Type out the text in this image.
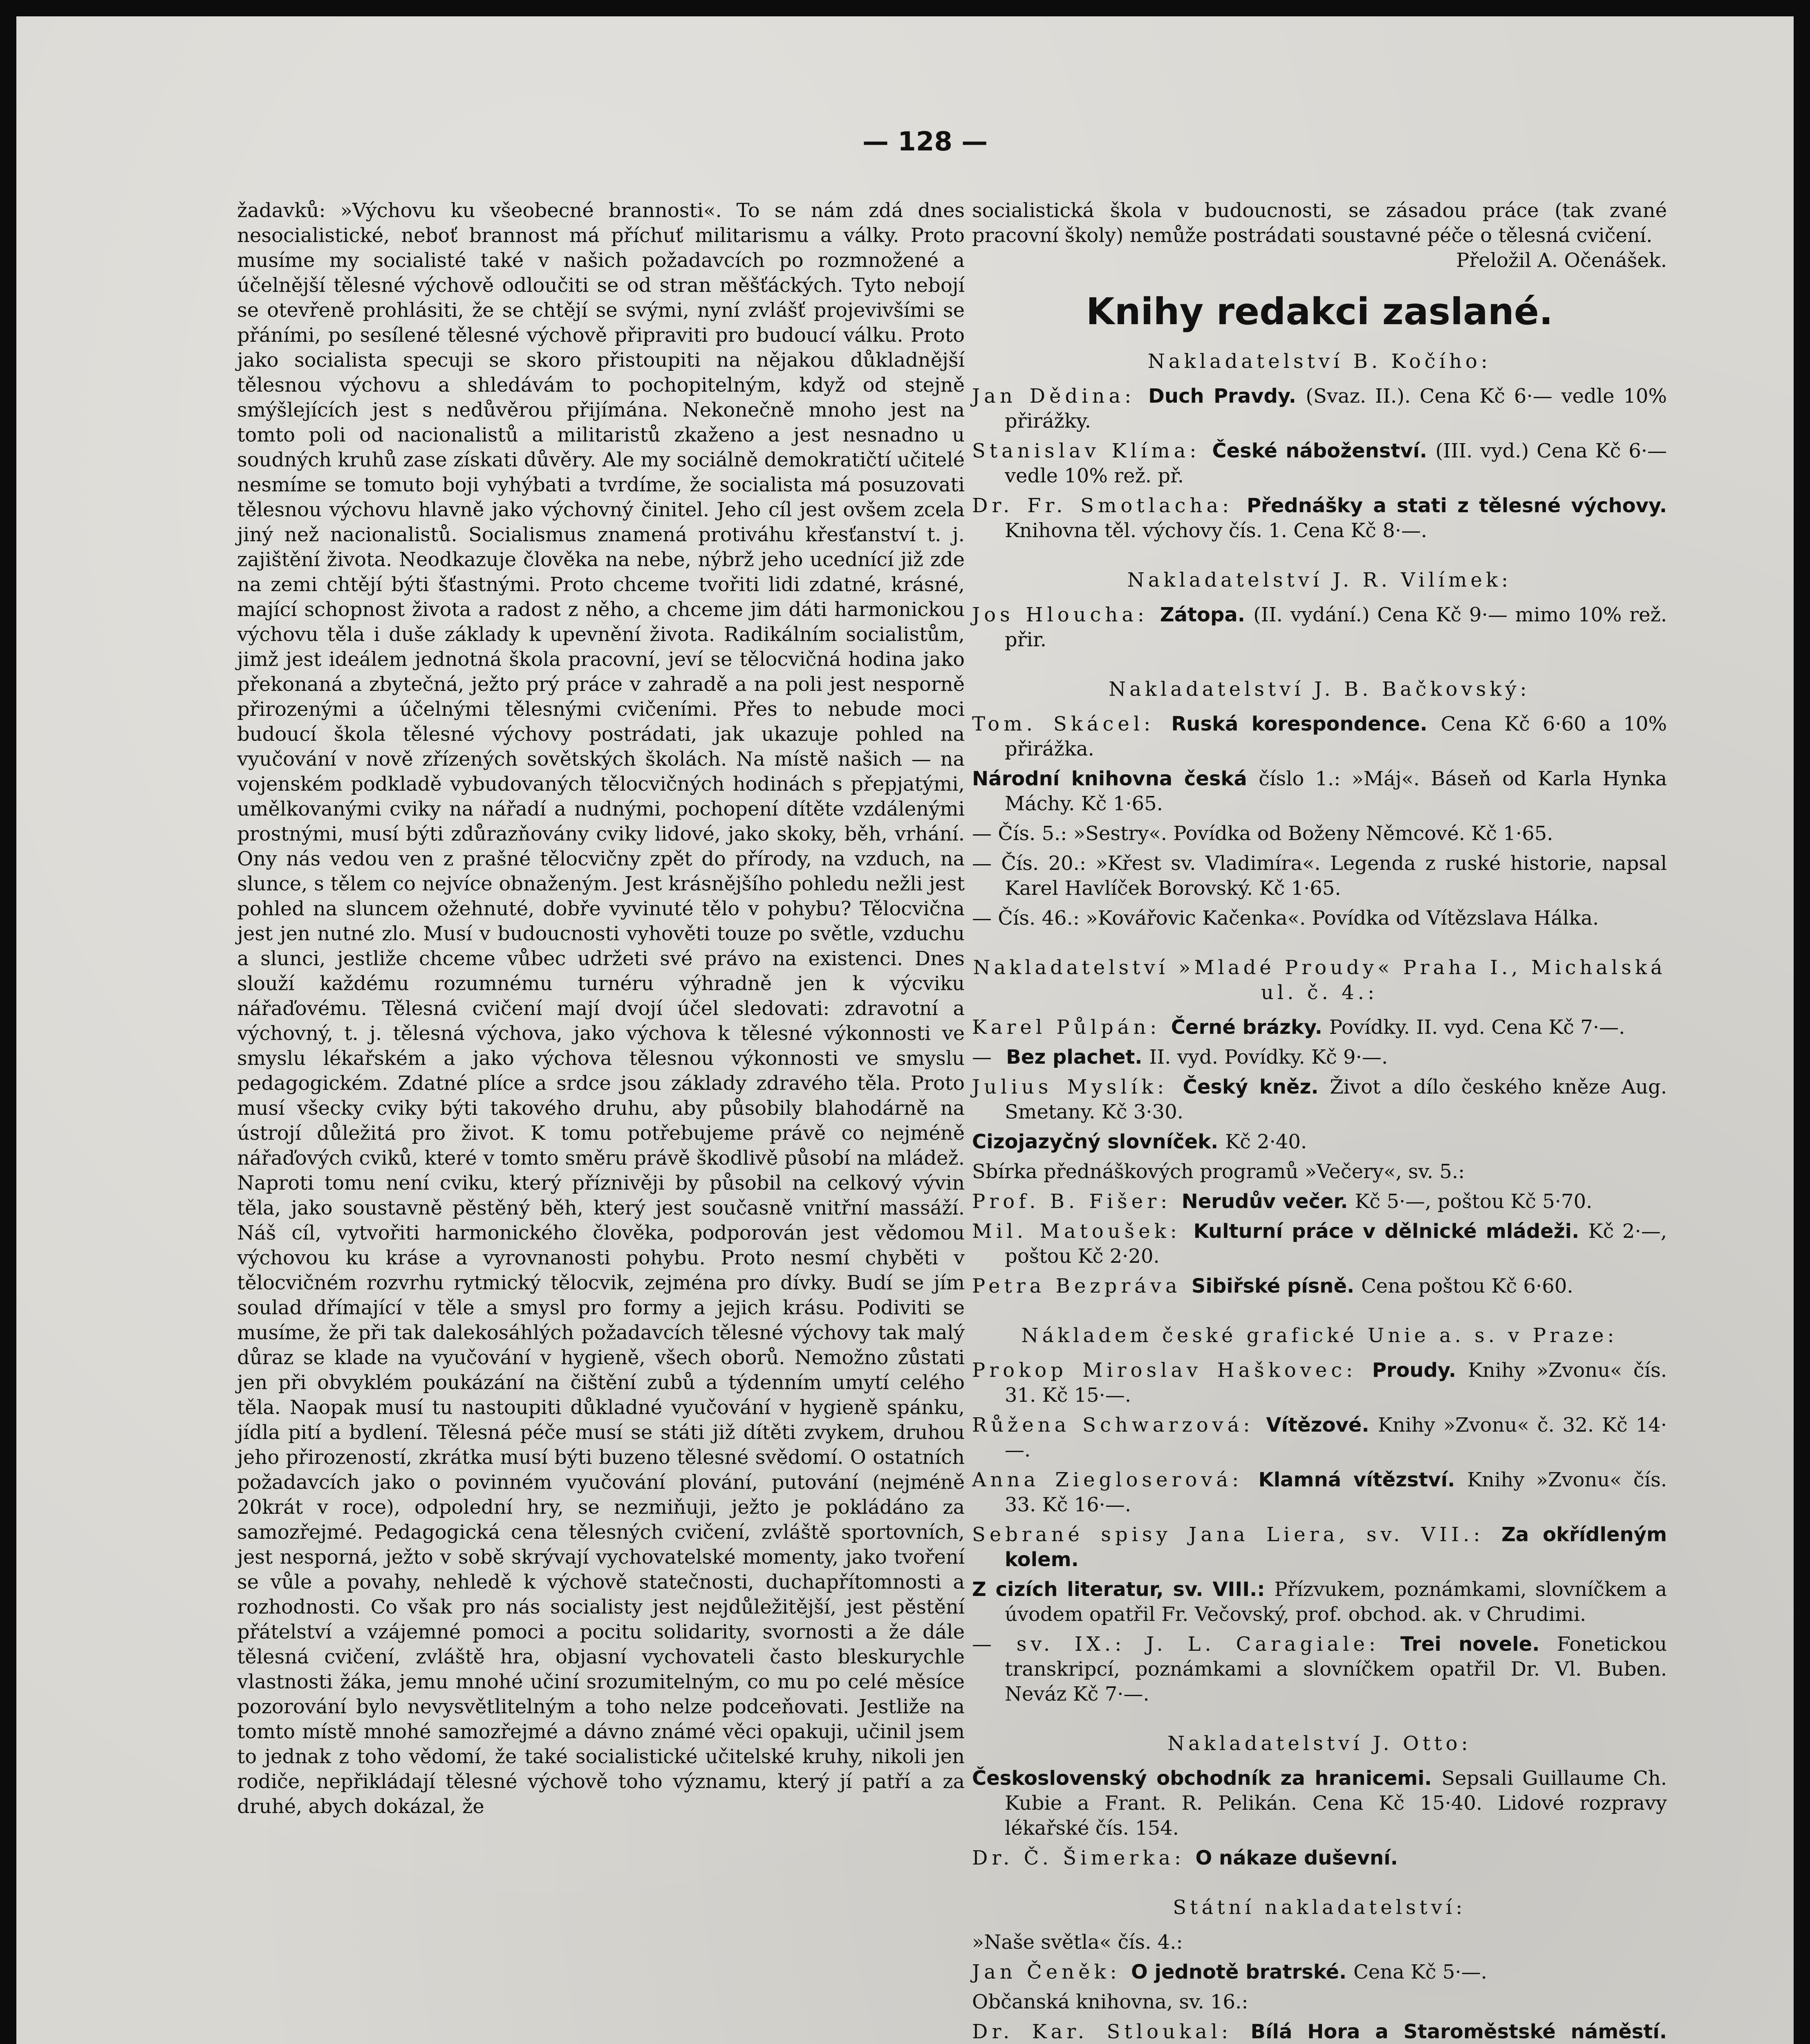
— 128 —

žadavků: »Výchovu ku všeobecné brannosti«. To se nám zdá dnes nesocialistické, neboť brannost má příchuť militarismu a války. Proto musíme my socialisté také v našich požadavcích po rozmnožené a účelnější tělesné výchově odloučiti se od stran měšťáckých. Tyto nebojí se otevřeně prohlásiti, že se chtějí se svými, nyní zvlášť projevivšími se přáními, po sesílené tělesné výchově připraviti pro budoucí válku. Proto jako socialista specuji se skoro přistoupiti na nějakou důkladnější tělesnou výchovu a shledávám to pochopitelným, když od stejně smýšlejících jest s nedůvěrou přijímána. Nekonečně mnoho jest na tomto poli od nacionalistů a militaristů zkaženo a jest nesnadno u soudných kruhů zase získati důvěry. Ale my sociálně demokratičtí učitelé nesmíme se tomuto boji vyhýbati a tvrdíme, že socialista má posuzovati tělesnou výchovu hlavně jako výchovný činitel. Jeho cíl jest ovšem zcela jiný než nacionalistů. Socialismus znamená protiváhu křesťanství t. j. zajištění života. Neodkazuje člověka na nebe, nýbrž jeho ucednící již zde na zemi chtějí býti šťastnými. Proto chceme tvořiti lidi zdatné, krásné, mající schopnost života a radost z něho, a chceme jim dáti harmonickou výchovu těla i duše základy k upevnění života. Radikálním socialistům, jimž jest ideálem jednotná škola pracovní, jeví se tělocvičná hodina jako překonaná a zbytečná, ježto prý práce v zahradě a na poli jest nesporně přirozenými a účelnými tělesnými cvičeními. Přes to nebude moci budoucí škola tělesné výchovy postrádati, jak ukazuje pohled na vyučování v nově zřízených sovětských školách. Na místě našich — na vojenském podkladě vybudovaných tělocvičných hodinách s přepjatými, umělkovanými cviky na nářadí a nudnými, pochopení dítěte vzdálenými prostnými, musí býti zdůrazňovány cviky lidové, jako skoky, běh, vrhání. Ony nás vedou ven z prašné tělocvičny zpět do přírody, na vzduch, na slunce, s tělem co nejvíce obnaženým. Jest krásnějšího pohledu nežli jest pohled na sluncem ožehnuté, dobře vyvinuté tělo v pohybu? Tělocvična jest jen nutné zlo. Musí v budoucnosti vyhověti touze po světle, vzduchu a slunci, jestliže chceme vůbec udržeti své právo na existenci. Dnes slouží každému rozumnému turnéru výhradně jen k výcviku nářaďovému. Tělesná cvičení mají dvojí účel sledovati: zdravotní a výchovný, t. j. tělesná výchova, jako výchova k tělesné výkonnosti ve smyslu lékařském a jako výchova tělesnou výkonnosti ve smyslu pedagogickém. Zdatné plíce a srdce jsou základy zdravého těla. Proto musí všecky cviky býti takového druhu, aby působily blahodárně na ústrojí důležitá pro život. K tomu potřebujeme právě co nejméně nářaďových cviků, které v tomto směru právě škodlivě působí na mládež. Naproti tomu není cviku, který příznivěji by působil na celkový vývin těla, jako soustavně pěstěný běh, který jest současně vnitřní massáží. Náš cíl, vytvořiti harmonického člověka, podporován jest vědomou výchovou ku kráse a vyrovnanosti pohybu. Proto nesmí chyběti v tělocvičném rozvrhu rytmický tělocvik, zejména pro dívky. Budí se jím soulad dřímající v těle a smysl pro formy a jejich krásu. Podiviti se musíme, že při tak dalekosáhlých požadavcích tělesné výchovy tak malý důraz se klade na vyučování v hygieně, všech oborů. Nemožno zůstati jen při obvyklém poukázání na čištění zubů a týdenním umytí celého těla. Naopak musí tu nastoupiti důkladné vyučování v hygieně spánku, jídla pití a bydlení. Tělesná péče musí se státi již dítěti zvykem, druhou jeho přirozeností, zkrátka musí býti buzeno tělesné svědomí. O ostatních požadavcích jako o povinném vyučování plování, putování (nejméně 20krát v roce), odpolední hry, se nezmiňuji, ježto je pokládáno za samozřejmé. Pedagogická cena tělesných cvičení, zvláště sportovních, jest nesporná, ježto v sobě skrývají vychovatelské momenty, jako tvoření se vůle a povahy, nehledě k výchově statečnosti, duchapřítomnosti a rozhodnosti. Co však pro nás socialisty jest nejdůležitější, jest pěstění přátelství a vzájemné pomoci a pocitu solidarity, svornosti a že dále tělesná cvičení, zvláště hra, objasní vychovateli často bleskurychle vlastnosti žáka, jemu mnohé učiní srozumitelným, co mu po celé měsíce pozorování bylo nevysvětlitelným a toho nelze podceňovati. Jestliže na tomto místě mnohé samozřejmé a dávno známé věci opakuji, učinil jsem to jednak z toho vědomí, že také socialistické učitelské kruhy, nikoli jen rodiče, nepřikládají tělesné výchově toho významu, který jí patří a za druhé, abych dokázal, že

socialistická škola v budoucnosti, se zásadou práce (tak zvané pracovní školy) nemůže postrádati soustavné péče o tělesná cvičení.

Přeložil A. Očenášek.
Knihy redakci zaslané.
Nakladatelství B. Kočího:

Jan Dědina: Duch Pravdy. (Svaz. II.). Cena Kč 6·— vedle 10% přirážky.

Stanislav Klíma: České náboženství. (III. vyd.) Cena Kč 6·— vedle 10% rež. př.

Dr. Fr. Smotlacha: Přednášky a stati z tělesné výchovy. Knihovna těl. výchovy čís. 1. Cena Kč 8·—.

Nakladatelství J. R. Vilímek:

Jos Hloucha: Zátopa. (II. vydání.) Cena Kč 9·— mimo 10% rež. přir.

Nakladatelství J. B. Bačkovský:

Tom. Skácel: Ruská korespondence. Cena Kč 6·60 a 10% přirážka.

Národní knihovna česká číslo 1.: »Máj«. Báseň od Karla Hynka Máchy. Kč 1·65.

— Čís. 5.: »Sestry«. Povídka od Boženy Němcové. Kč 1·65.

— Čís. 20.: »Křest sv. Vladimíra«. Legenda z ruské historie, napsal Karel Havlíček Borovský. Kč 1·65.

— Čís. 46.: »Kovářovic Kačenka«. Povídka od Vítězslava Hálka.

Nakladatelství »Mladé Proudy« Praha I., Michalská ul. č. 4.:

Karel Půlpán: Černé brázky. Povídky. II. vyd. Cena Kč 7·—.

— Bez plachet. II. vyd. Povídky. Kč 9·—.

Julius Myslík: Český kněz. Život a dílo českého kněze Aug. Smetany. Kč 3·30.

Cizojazyčný slovníček. Kč 2·40.

Sbírka přednáškových programů »Večery«, sv. 5.:

Prof. B. Fišer: Nerudův večer. Kč 5·—, poštou Kč 5·70.

Mil. Matoušek: Kulturní práce v dělnické mládeži. Kč 2·—, poštou Kč 2·20.

Petra Bezpráva Sibiřské písně. Cena poštou Kč 6·60.

Nákladem české grafické Unie a. s. v Praze:

Prokop Miroslav Haškovec: Proudy. Knihy »Zvonu« čís. 31. Kč 15·—.

Růžena Schwarzová: Vítězové. Knihy »Zvonu« č. 32. Kč 14·—.

Anna Ziegloserová: Klamná vítězství. Knihy »Zvonu« čís. 33. Kč 16·—.

Sebrané spisy Jana Liera, sv. VII.: Za okřídleným kolem.

Z cizích literatur, sv. VIII.: Přízvukem, poznámkami, slovníčkem a úvodem opatřil Fr. Večovský, prof. obchod. ak. v Chrudimi.

— sv. IX.: J. L. Caragiale: Trei novele. Fonetickou transkripcí, poznámkami a slovníčkem opatřil Dr. Vl. Buben. Neváz Kč 7·—.

Nakladatelství J. Otto:

Československý obchodník za hranicemi. Sepsali Guillaume Ch. Kubie a Frant. R. Pelikán. Cena Kč 15·40. Lidové rozpravy lékařské čís. 154.

Dr. Č. Šimerka: O nákaze duševní.

Státní nakladatelství:

»Naše světla« čís. 4.:

Jan Čeněk: O jednotě bratrské. Cena Kč 5·—.

Občanská knihovna, sv. 16.:

Dr. Kar. Stloukal: Bílá Hora a Staroměstské náměstí.
